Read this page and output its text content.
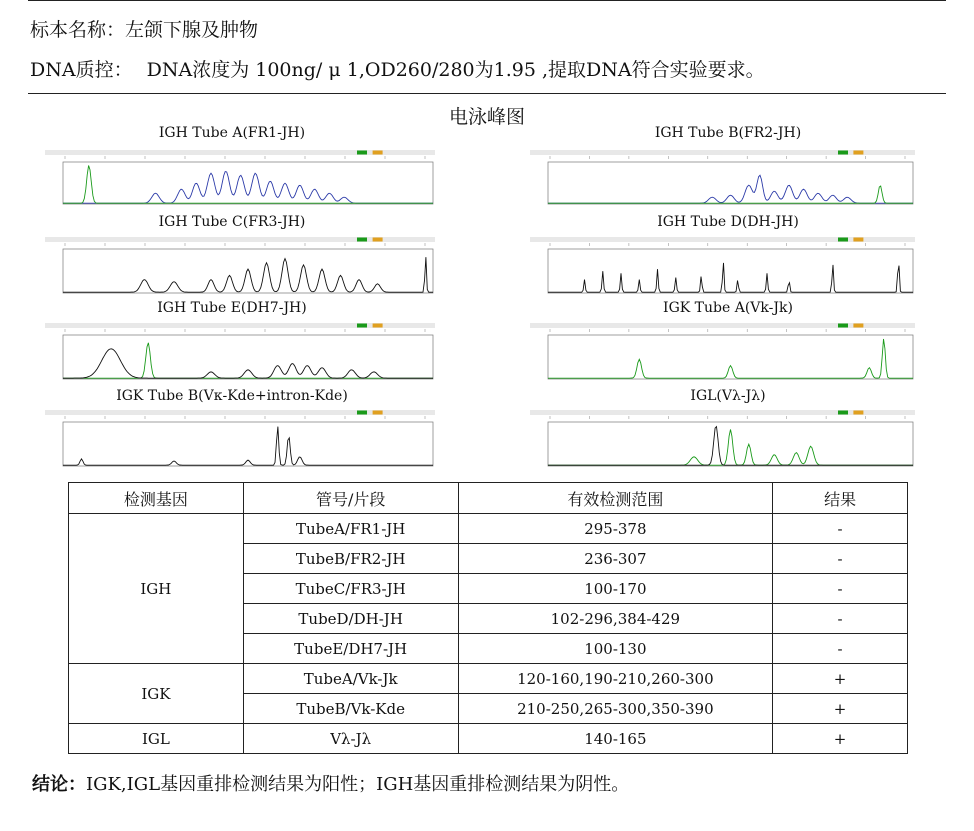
标本名称：左颌下腺及肿物
DNA质控： DNA浓度为 100ng/ μ 1,OD260/280为1.95 ,提取DNA符合实验要求。
电泳峰图
IGH Tube A(FR1-JH)	IGH Tube B(FR2-JH)
IGH Tube C(FR3-JH)	IGH Tube D(DH-JH)
IGH Tube E(DH7-JH)	IGK Tube A(Vk-Jk)
IGK Tube B(Vκ-Kde+intron-Kde)	IGL(Vλ-Jλ)
检测基因	管号/片段	有效检测范围	结果
IGH	TubeA/FR1-JH	295-378	-
	TubeB/FR2-JH	236-307	-
	TubeC/FR3-JH	100-170	-
	TubeD/DH-JH	102-296,384-429	-
	TubeE/DH7-JH	100-130	-
IGK	TubeA/Vk-Jk	120-160,190-210,260-300	+
	TubeB/Vk-Kde	210-250,265-300,350-390	+
IGL	Vλ-Jλ	140-165	+
结论：IGK,IGL基因重排检测结果为阳性；IGH基因重排检测结果为阴性。
